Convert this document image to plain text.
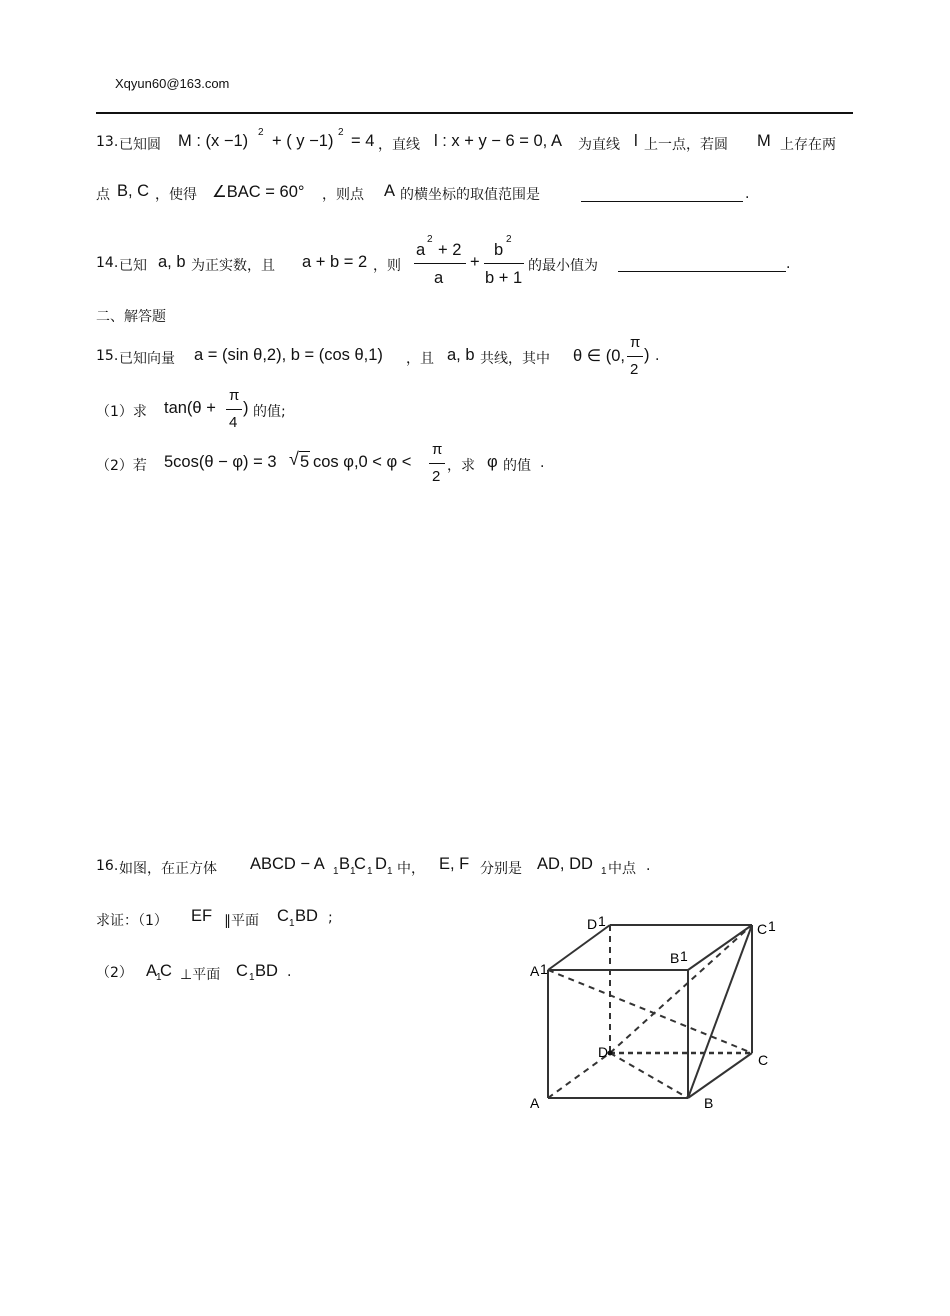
Xqyun60@163.com
13. 已知圆 M : (x −1) 2 + ( y −1) 2 = 4 ，直线 l : x + y − 6 = 0, A 为直线 l 上一点，若圆 M 上存在两
点 B, C ，使得 ∠BAC = 60° ，则点 A 的横坐标的取值范围是	.
14. 已知 a, b 为正实数，且 a + b = 2 ，则
a
2
+ 2
a
+
b
2
b + 1
的最小值为	.
二、解答题
15. 已知向量 a = (sin θ,2), b = (cos θ,1) ，且 a, b 共线，其中 θ ∈ (0,
π
2
) .
（1）求 tan(θ +
π
4
) 的值;
（2）若 5cos(θ − φ) = 3 √ 5 cos φ,0 < φ <
π
2
，求 φ 的值 .
16. 如图，在正方体 ABCD − A 1 B 1
C 1 D 1 中， E, F 分别是 AD, DD 1 中点 .
求证：（1） EF ∥平面 C 1 BD ;
（2） A
1
C ⊥平面 C 1 BD .
D 1	C 1
B 1
A 1
D	C
A	B
